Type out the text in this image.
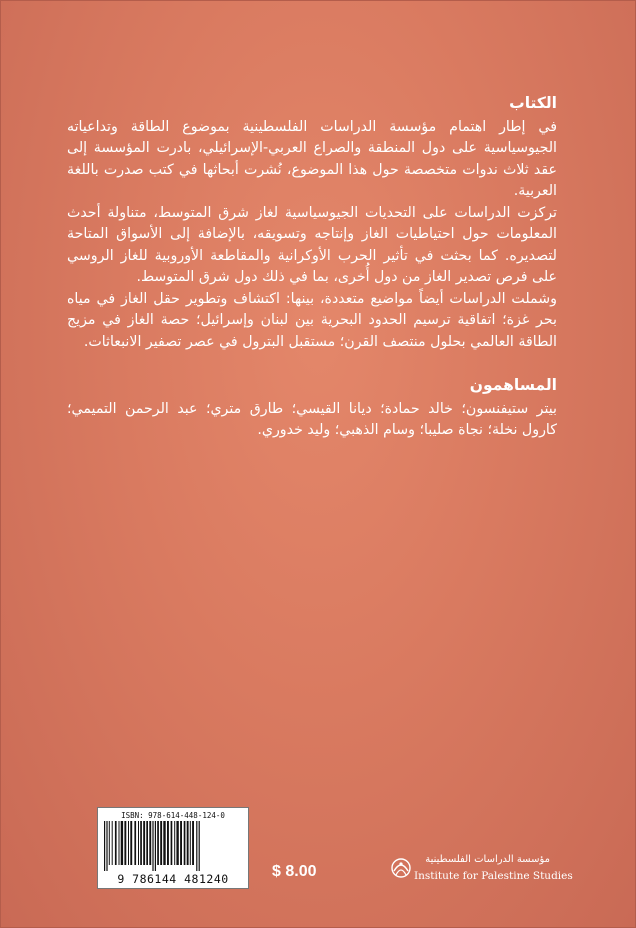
الكتاب

في إطار اهتمام مؤسسة الدراسات الفلسطينية بموضوع الطاقة وتداعياته الجيوسياسية على دول المنطقة والصراع العربي-الإسرائيلي، بادرت المؤسسة إلى عقد ثلاث ندوات متخصصة حول هذا الموضوع، نُشرت أبحاثها في كتب صدرت باللغة العربية.

تركزت الدراسات على التحديات الجيوسياسية لغاز شرق المتوسط، متناولة أحدث المعلومات حول احتياطيات الغاز وإنتاجه وتسويقه، بالإضافة إلى الأسواق المتاحة لتصديره. كما بحثت في تأثير الحرب الأوكرانية والمقاطعة الأوروبية للغاز الروسي على فرص تصدير الغاز من دول أُخرى، بما في ذلك دول شرق المتوسط.

وشملت الدراسات أيضاً مواضيع متعددة، بينها: اكتشاف وتطوير حقل الغاز في مياه بحر غزة؛ اتفاقية ترسيم الحدود البحرية بين لبنان وإسرائيل؛ حصة الغاز في مزيج الطاقة العالمي بحلول منتصف القرن؛ مستقبل البترول في عصر تصفير الانبعاثات.

المساهمون

بيتر ستيفنسون؛ خالد حمادة؛ ديانا القيسي؛ طارق متري؛ عبد الرحمن التميمي؛ كارول نخلة؛ نجاة صليبا؛ وسام الذهبي؛ وليد خدوري.

ISBN: 978-614-448-124-0
9 786144 481240	$ 8.00
مؤسسة الدراسات الفلسطينية
Institute for Palestine Studies
